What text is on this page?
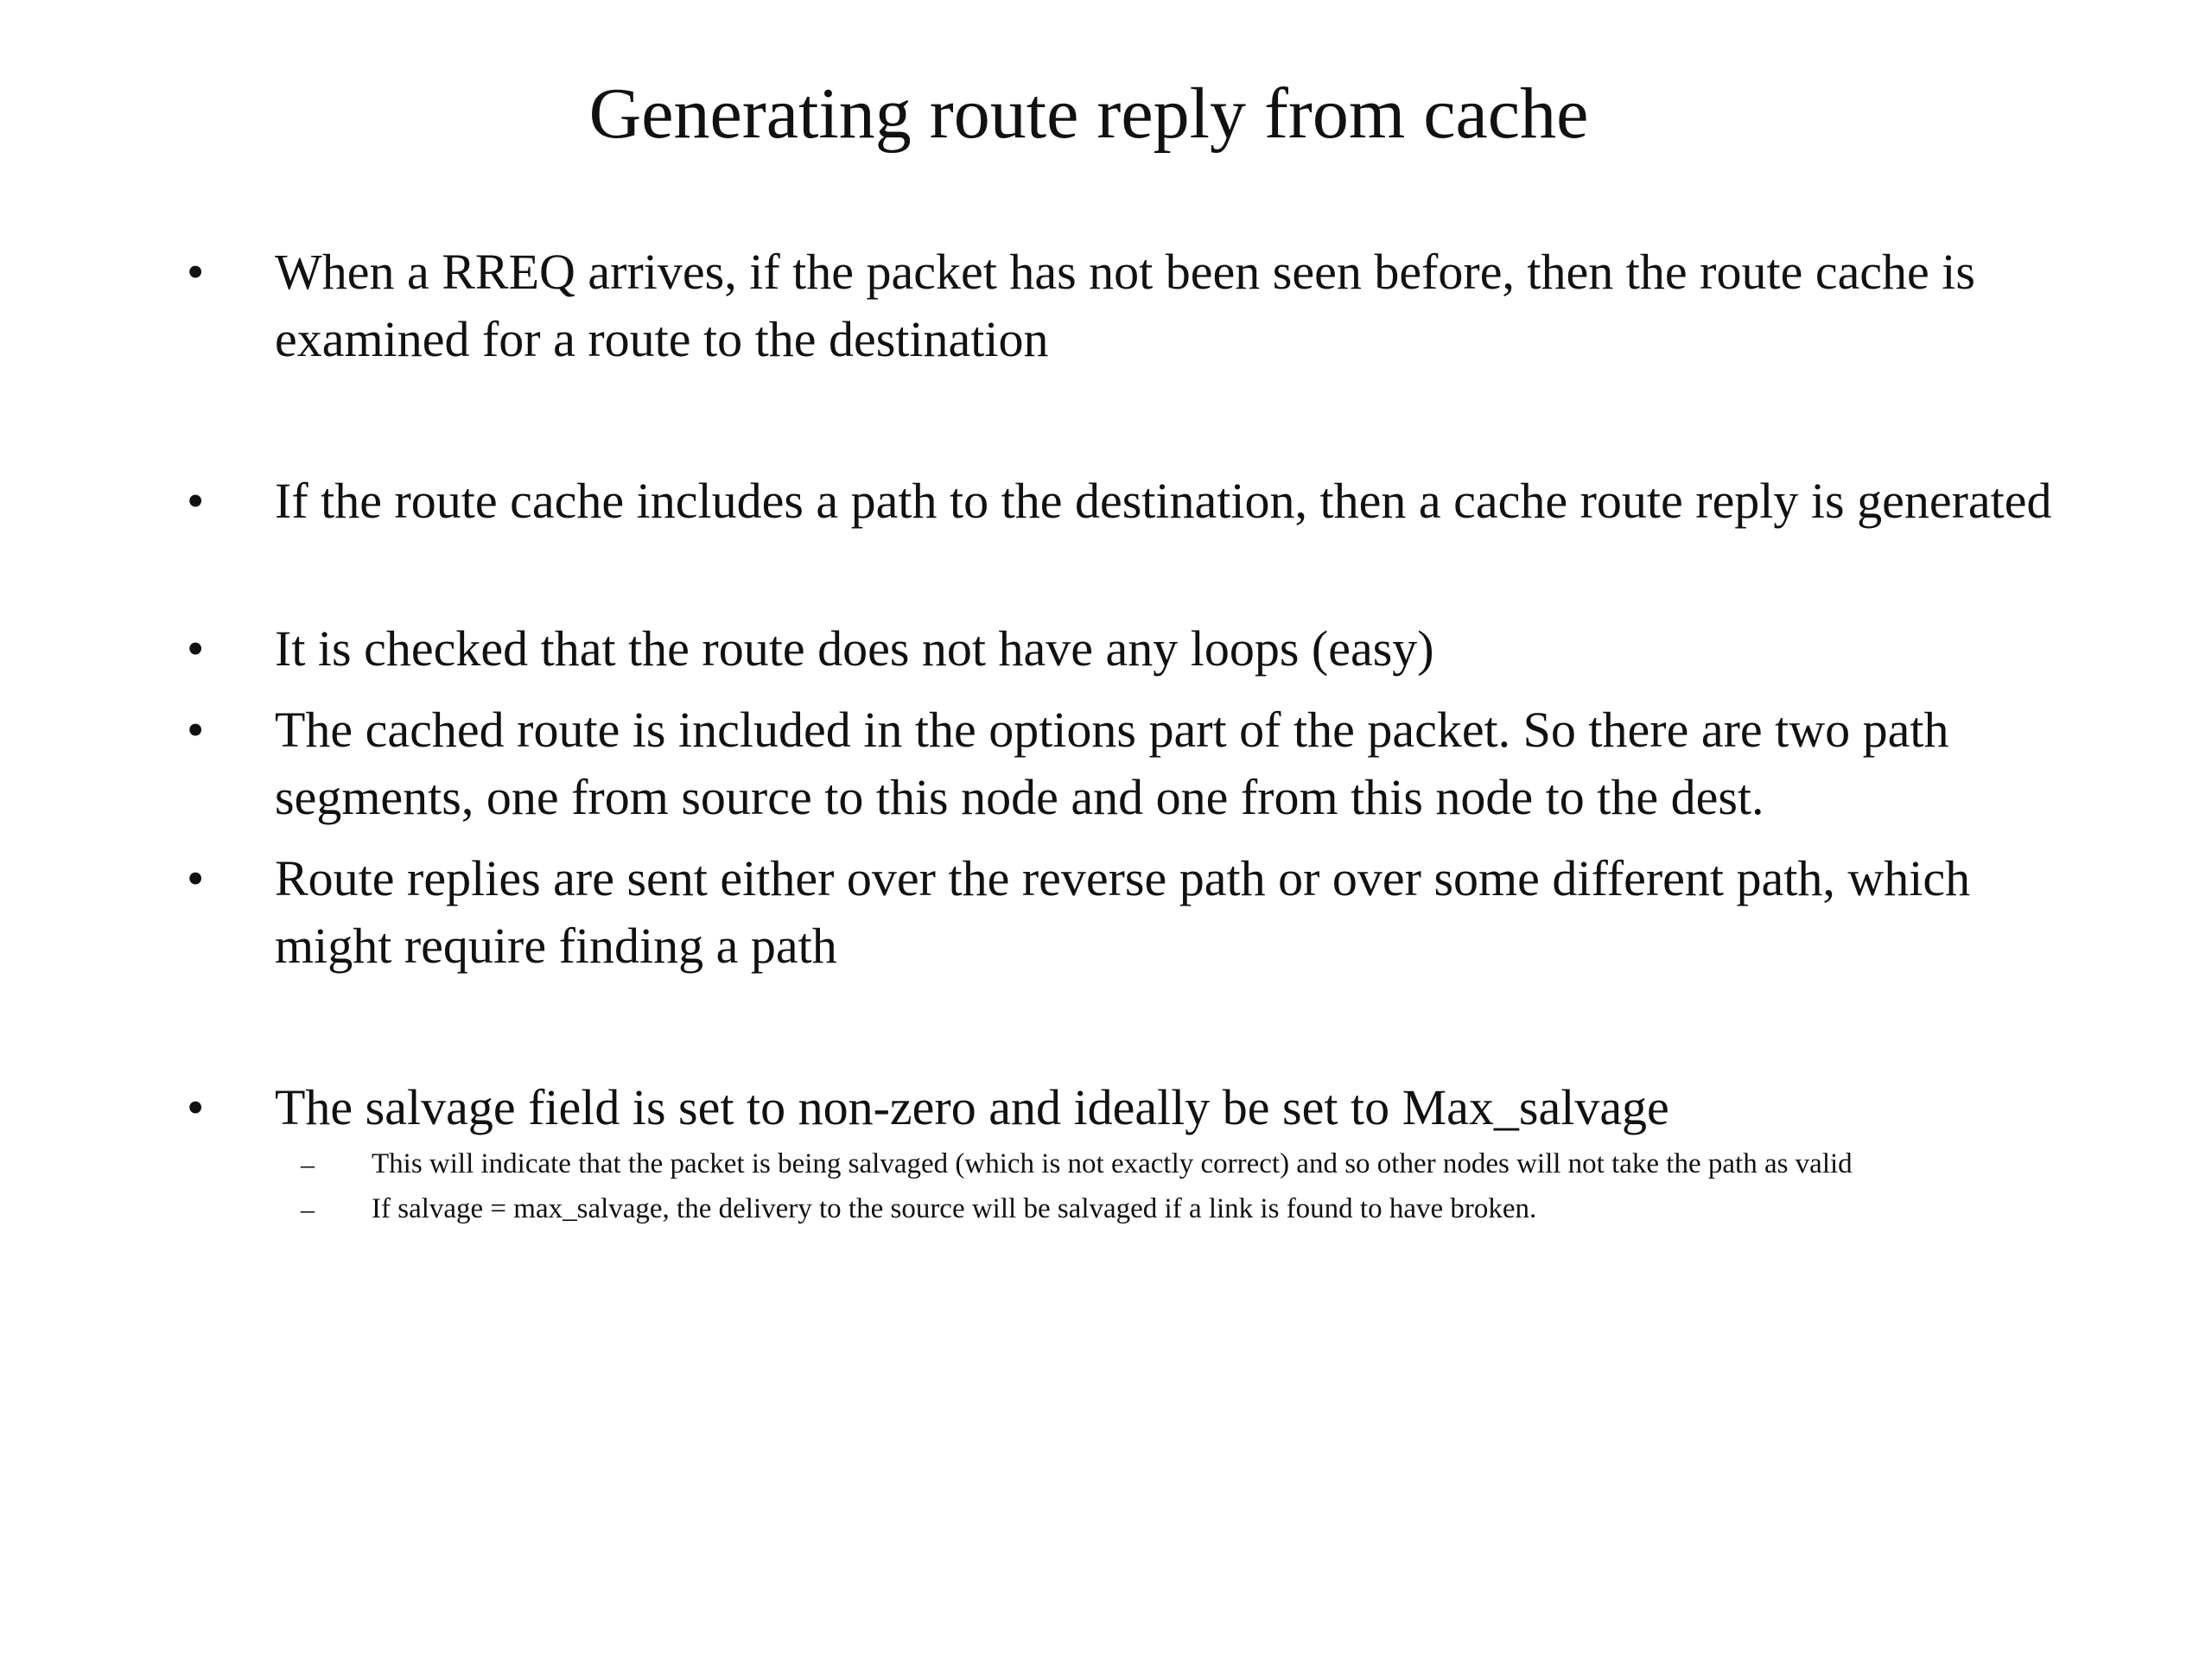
Generating route reply from cache
• When a RREQ arrives, if the packet has not been seen before, then the route cache is examined for a route to the destination
• If the route cache includes a path to the destination, then a cache route reply is generated
• It is checked that the route does not have any loops (easy)
• The cached route is included in the options part of the packet. So there are two path segments, one from source to this node and one from this node to the dest.
• Route replies are sent either over the reverse path or over some different path, which might require finding a path
• The salvage field is set to non-zero and ideally be set to Max_salvage
– This will indicate that the packet is being salvaged (which is not exactly correct) and so other nodes will not take the path as valid
– If salvage = max_salvage, the delivery to the source will be salvaged if a link is found to have broken.
